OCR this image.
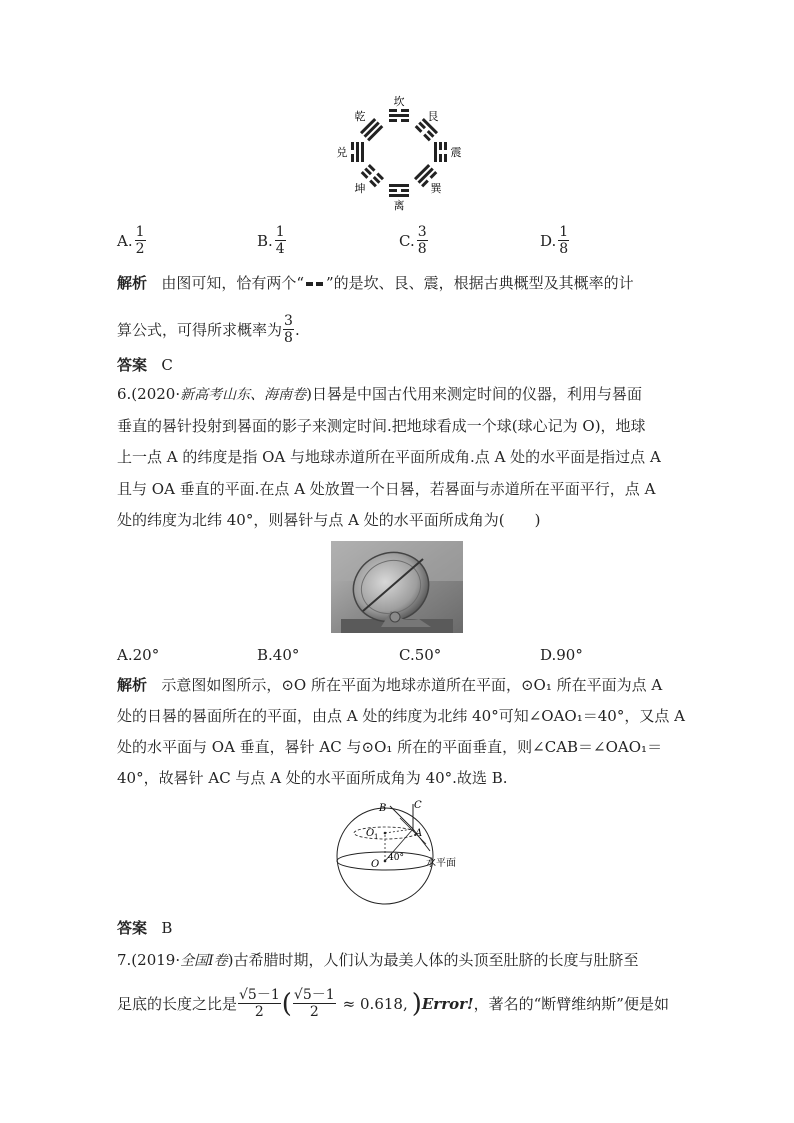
坎
离
兑	震
乾	艮
坤	巽
A. $\frac{1}{2}$	B. $\frac{1}{4}$	C. $\frac{3}{8}$	D. $\frac{1}{8}$
解析 由图可知，恰有两个“ ”的是坎、艮、震，根据古典概型及其概率的计
算公式，可得所求概率为 $\frac{3}{8}$ .
答案 C
6.(2020·新高考山东、海南卷)日晷是中国古代用来测定时间的仪器，利用与晷面
垂直的晷针投射到晷面的影子来测定时间.把地球看成一个球(球心记为 O)，地球
上一点 A 的纬度是指 OA 与地球赤道所在平面所成角.点 A 处的水平面是指过点 A
且与 OA 垂直的平面.在点 A 处放置一个日晷，若晷面与赤道所在平面平行，点 A
处的纬度为北纬 40°，则晷针与点 A 处的水平面所成角为(　　)
A.20°	B.40°	C.50°	D.90°
解析 示意图如图所示，⊙O 所在平面为地球赤道所在平面，⊙O₁ 所在平面为点 A
处的日晷的晷面所在的平面，由点 A 处的纬度为北纬 40°可知∠OAO₁＝40°，又点 A
处的水平面与 OA 垂直，晷针 AC 与⊙O₁ 所在的平面垂直，则∠CAB＝∠OAO₁＝
40°，故晷针 AC 与点 A 处的水平面所成角为 40°.故选 B.
B	C
A
O 1
O
40° 水平面
答案 B
7.(2019·全国Ⅰ卷)古希腊时期，人们认为最美人体的头顶至肚脐的长度与肚脐至
足底的长度之比是 $\frac{√5-1}{2}$ ( $\frac{√5-1}{2} \approx 0.618$, ) Error! ，著名的“断臂维纳斯”便是如
